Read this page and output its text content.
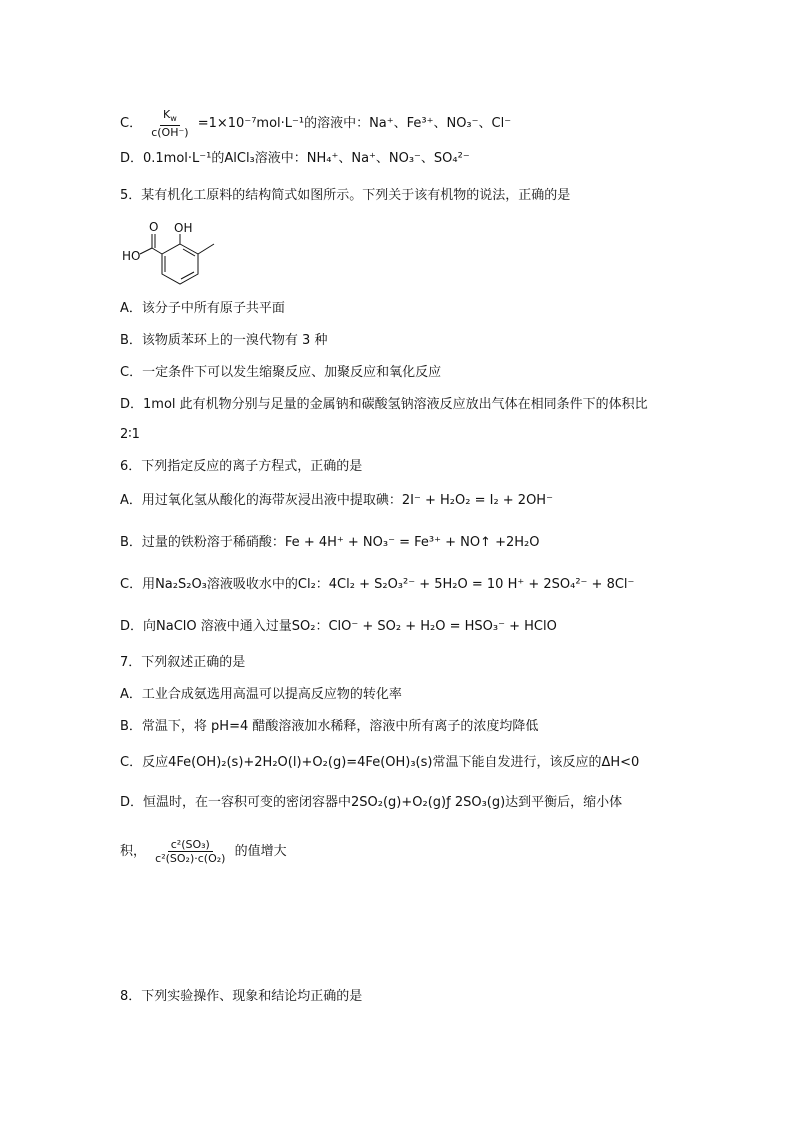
C． $\frac{K_w}{c(OH^-)} =1\times 10^{-7}mol\cdot L^{-1}$的溶液中：Na⁺、Fe³⁺、NO₃⁻、Cl⁻
D．0.1mol·L⁻¹的AlCl₃溶液中：NH₄⁺、Na⁺、NO₃⁻、SO₄²⁻
5．某有机化工原料的结构简式如图所示。下列关于该有机物的说法，正确的是
OH
O
HO
A．该分子中所有原子共平面
B．该物质苯环上的一溴代物有 3 种
C．一定条件下可以发生缩聚反应、加聚反应和氧化反应
D．1mol 此有机物分别与足量的金属钠和碳酸氢钠溶液反应放出气体在相同条件下的体积比
2∶1
6．下列指定反应的离子方程式，正确的是
A．用过氧化氢从酸化的海带灰浸出液中提取碘：2I⁻ + H₂O₂ = I₂ + 2OH⁻
B．过量的铁粉溶于稀硝酸：Fe + 4H⁺ + NO₃⁻ = Fe³⁺ + NO↑ +2H₂O
C．用Na₂S₂O₃溶液吸收水中的Cl₂：4Cl₂ + S₂O₃²⁻ + 5H₂O = 10 H⁺ + 2SO₄²⁻ + 8Cl⁻
D．向NaClO 溶液中通入过量SO₂：ClO⁻ + SO₂ + H₂O = HSO₃⁻ + HClO
7．下列叙述正确的是
A．工业合成氨选用高温可以提高反应物的转化率
B．常温下，将 pH=4 醋酸溶液加水稀释，溶液中所有离子的浓度均降低
C．反应4Fe(OH)₂(s)+2H₂O(l)+O₂(g)=4Fe(OH)₃(s)常温下能自发进行，该反应的ΔH<0
D．恒温时，在一容积可变的密闭容器中2SO₂(g)+O₂(g)ƒ 2SO₃(g)达到平衡后，缩小体
积， $\frac{\text{c²(SO₃)}}{\text{c²(SO₂)·c(O₂)}}$ 的值增大
8．下列实验操作、现象和结论均正确的是
